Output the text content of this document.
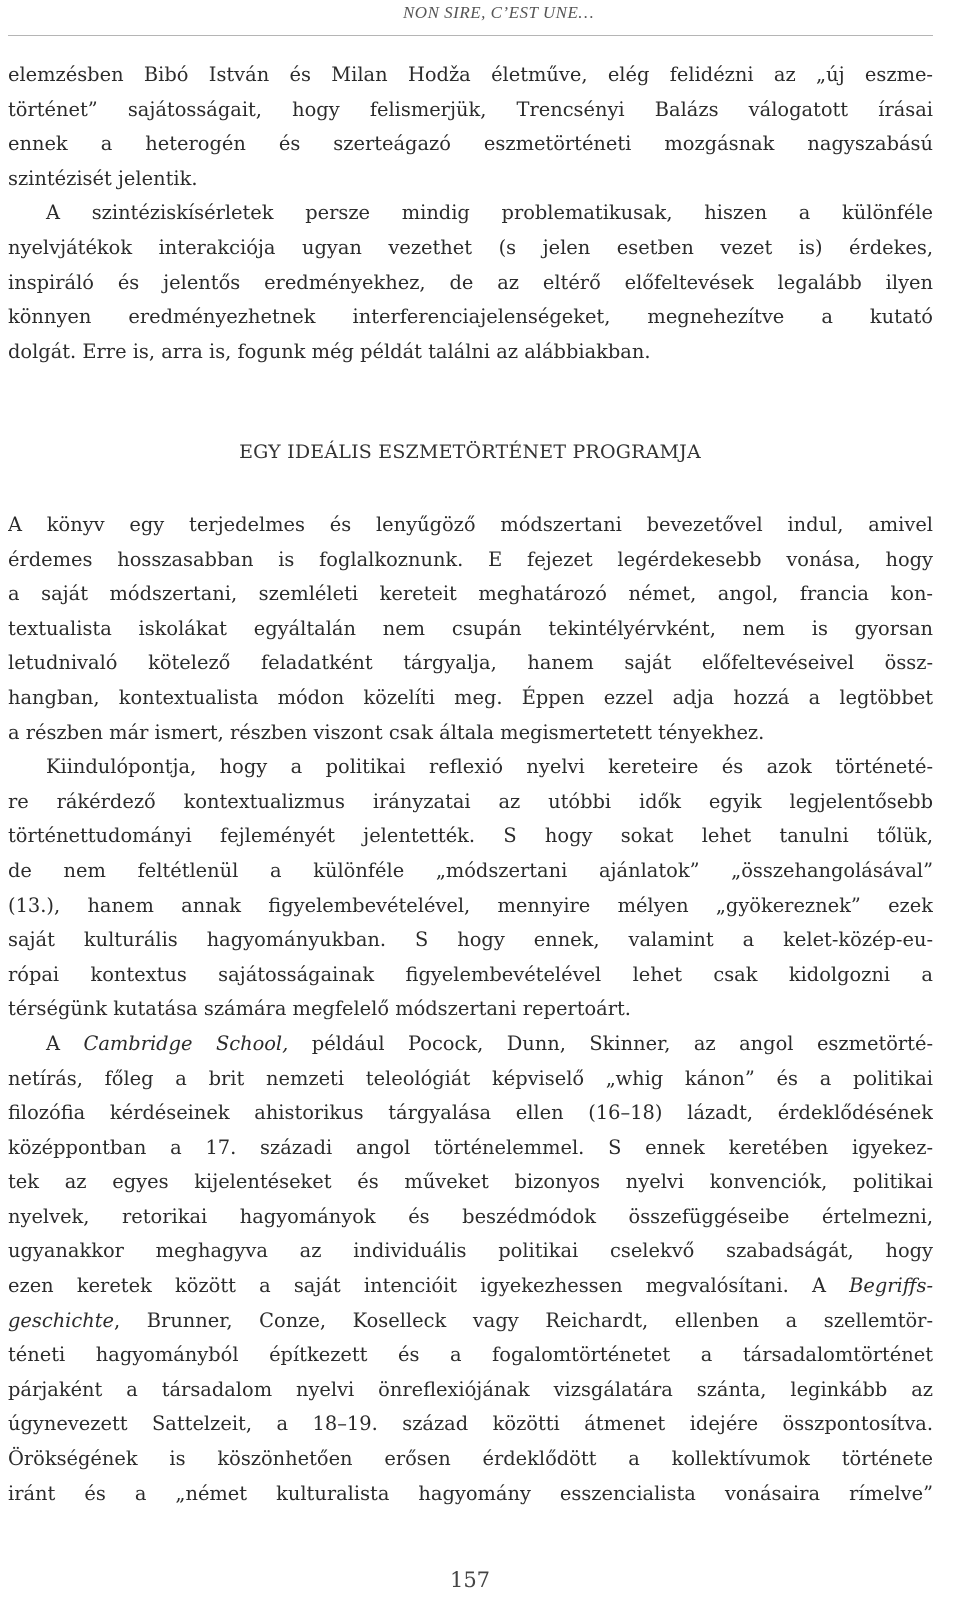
NON SIRE, C’EST UNE…
elemzésben Bibó István és Milan Hodža életműve, elég felidézni az „új eszme-
történet” sajátosságait, hogy felismerjük, Trencsényi Balázs válogatott írásai
ennek a heterogén és szerteágazó eszmetörténeti mozgásnak nagyszabású
szintézisét jelentik.
A szintéziskísérletek persze mindig problematikusak, hiszen a különféle
nyelvjátékok interakciója ugyan vezethet (s jelen esetben vezet is) érdekes,
inspiráló és jelentős eredményekhez, de az eltérő előfeltevések legalább ilyen
könnyen eredményezhetnek interferenciajelenségeket, megnehezítve a kutató
dolgát. Erre is, arra is, fogunk még példát találni az alábbiakban.
EGY IDEÁLIS ESZMETÖRTÉNET PROGRAMJA
A könyv egy terjedelmes és lenyűgöző módszertani bevezetővel indul, amivel
érdemes hosszasabban is foglalkoznunk. E fejezet legérdekesebb vonása, hogy
a saját módszertani, szemléleti kereteit meghatározó német, angol, francia kon-
textualista iskolákat egyáltalán nem csupán tekintélyérvként, nem is gyorsan
letudnivaló kötelező feladatként tárgyalja, hanem saját előfeltevéseivel össz-
hangban, kontextualista módon közelíti meg. Éppen ezzel adja hozzá a legtöbbet
a részben már ismert, részben viszont csak általa megismertetett tényekhez.
Kiindulópontja, hogy a politikai reflexió nyelvi kereteire és azok történeté-
re rákérdező kontextualizmus irányzatai az utóbbi idők egyik legjelentősebb
történettudományi fejleményét jelentették. S hogy sokat lehet tanulni tőlük,
de nem feltétlenül a különféle „módszertani ajánlatok” „összehangolásával”
(13.), hanem annak figyelembevételével, mennyire mélyen „gyökereznek” ezek
saját kulturális hagyományukban. S hogy ennek, valamint a kelet-közép-eu-
rópai kontextus sajátosságainak figyelembevételével lehet csak kidolgozni a
térségünk kutatása számára megfelelő módszertani repertoárt.
A Cambridge School, például Pocock, Dunn, Skinner, az angol eszmetörté-
netírás, főleg a brit nemzeti teleológiát képviselő „whig kánon” és a politikai
filozófia kérdéseinek ahistorikus tárgyalása ellen (16–18) lázadt, érdeklődésének
középpontban a 17. századi angol történelemmel. S ennek keretében igyekez-
tek az egyes kijelentéseket és műveket bizonyos nyelvi konvenciók, politikai
nyelvek, retorikai hagyományok és beszédmódok összefüggéseibe értelmezni,
ugyanakkor meghagyva az individuális politikai cselekvő szabadságát, hogy
ezen keretek között a saját intencióit igyekezhessen megvalósítani. A Begriffs-
geschichte, Brunner, Conze, Koselleck vagy Reichardt, ellenben a szellemtör-
téneti hagyományból építkezett és a fogalomtörténetet a társadalomtörténet
párjaként a társadalom nyelvi önreflexiójának vizsgálatára szánta, leginkább az
úgynevezett Sattelzeit, a 18–19. század közötti átmenet idejére összpontosítva.
Örökségének is köszönhetően erősen érdeklődött a kollektívumok története
iránt és a „német kulturalista hagyomány esszencialista vonásaira rímelve”
157
